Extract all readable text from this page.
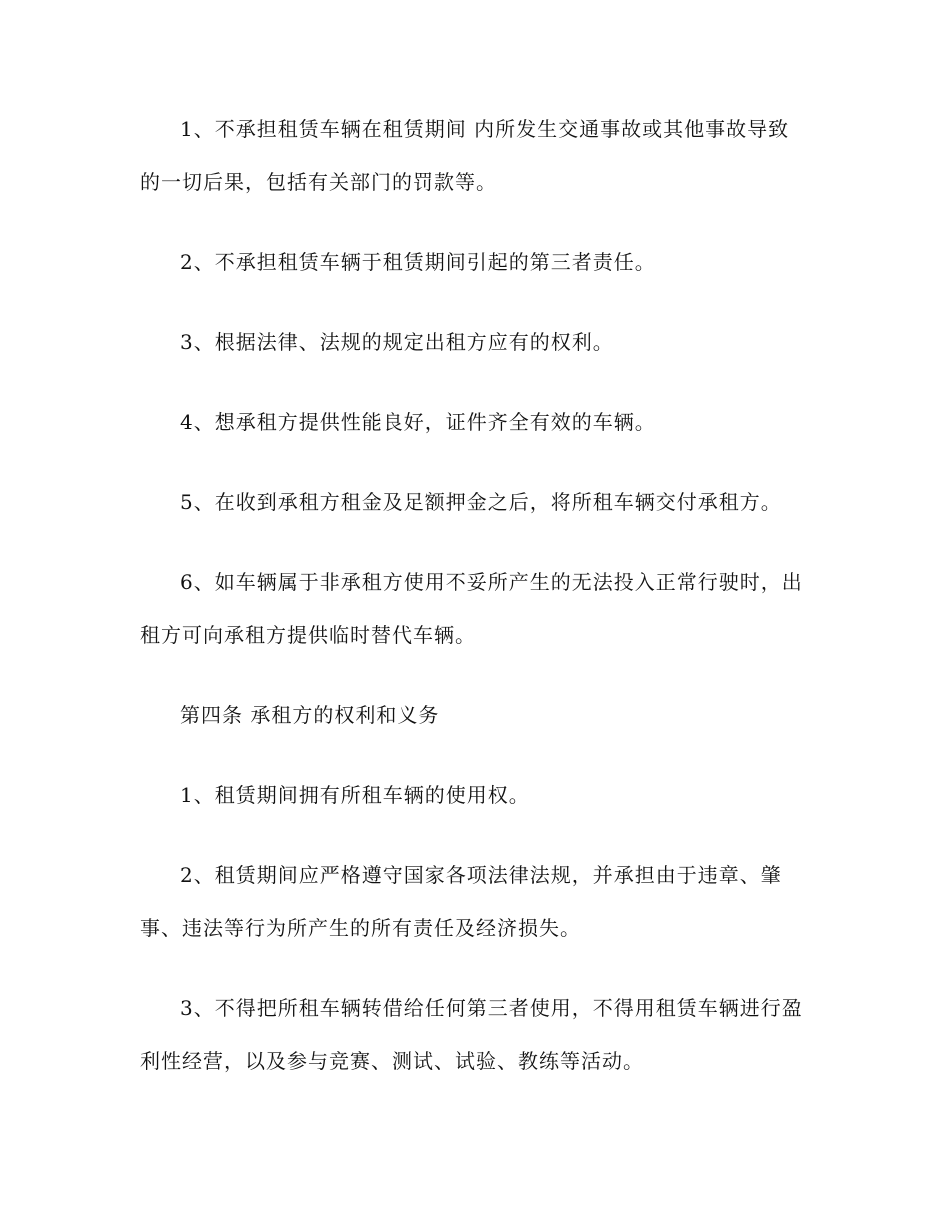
1、不承担租赁车辆在租赁期间 内所发生交通事故或其他事故导致的一切后果，包括有关部门的罚款等。

2、不承担租赁车辆于租赁期间引起的第三者责任。

3、根据法律、法规的规定出租方应有的权利。

4、想承租方提供性能良好，证件齐全有效的车辆。

5、在收到承租方租金及足额押金之后，将所租车辆交付承租方。

6、如车辆属于非承租方使用不妥所产生的无法投入正常行驶时，出租方可向承租方提供临时替代车辆。

第四条 承租方的权利和义务

1、租赁期间拥有所租车辆的使用权。

2、租赁期间应严格遵守国家各项法律法规，并承担由于违章、肇事、违法等行为所产生的所有责任及经济损失。

3、不得把所租车辆转借给任何第三者使用，不得用租赁车辆进行盈利性经营，以及参与竞赛、测试、试验、教练等活动。
